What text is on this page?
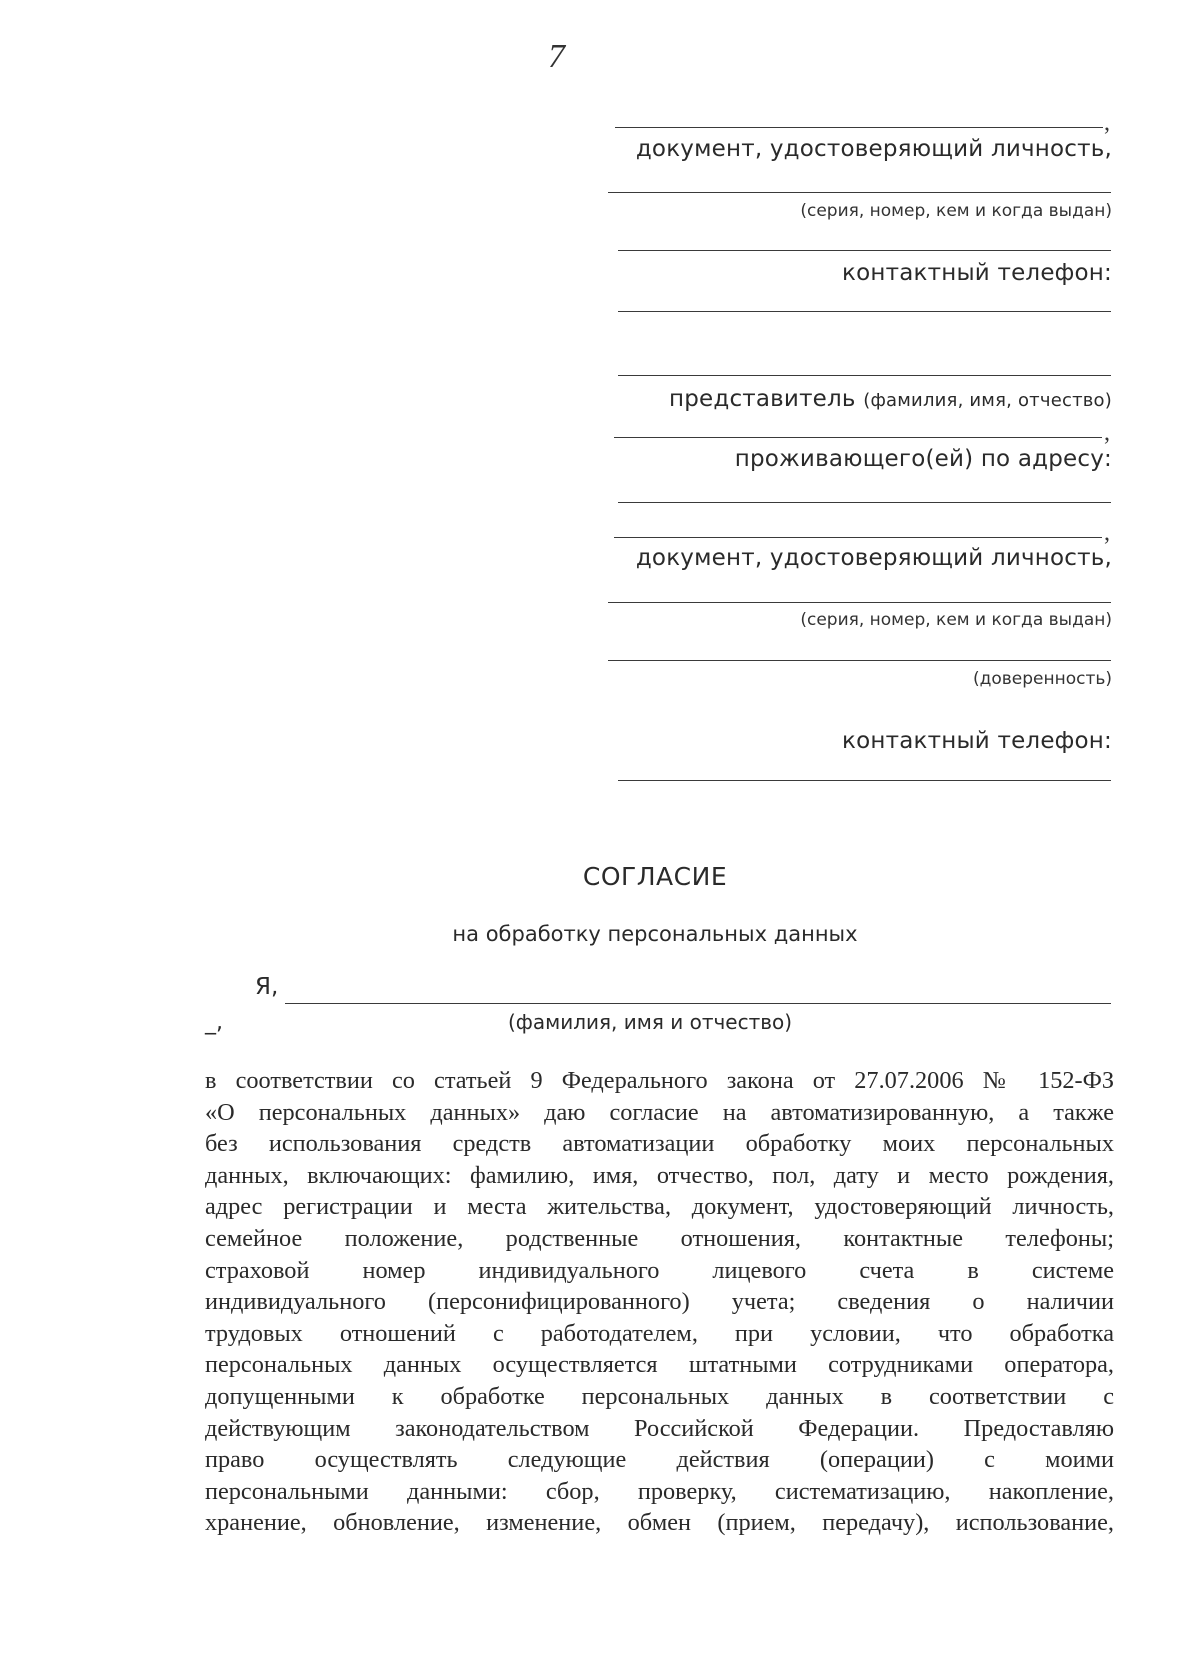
7
,
документ, удостоверяющий личность,
(серия, номер, кем и когда выдан)
контактный телефон:
представитель (фамилия, имя, отчество)
,
проживающего(ей) по адресу:
,
документ, удостоверяющий личность,
(серия, номер, кем и когда выдан)
(доверенность)
контактный телефон:
СОГЛАСИЕ
на обработку персональных данных
Я,
_,	(фамилия, имя и отчество)
в соответствии со статьей 9 Федерального закона от 27.07.2006 № 152-ФЗ
«О персональных данных» даю согласие на автоматизированную, а также
без использования средств автоматизации обработку моих персональных
данных, включающих: фамилию, имя, отчество, пол, дату и место рождения,
адрес регистрации и места жительства, документ, удостоверяющий личность,
семейное положение, родственные отношения, контактные телефоны;
страховой номер индивидуального лицевого счета в системе
индивидуального (персонифицированного) учета; сведения о наличии
трудовых отношений с работодателем, при условии, что обработка
персональных данных осуществляется штатными сотрудниками оператора,
допущенными к обработке персональных данных в соответствии с
действующим законодательством Российской Федерации. Предоставляю
право осуществлять следующие действия (операции) с моими
персональными данными: сбор, проверку, систематизацию, накопление,
хранение, обновление, изменение, обмен (прием, передачу), использование,
